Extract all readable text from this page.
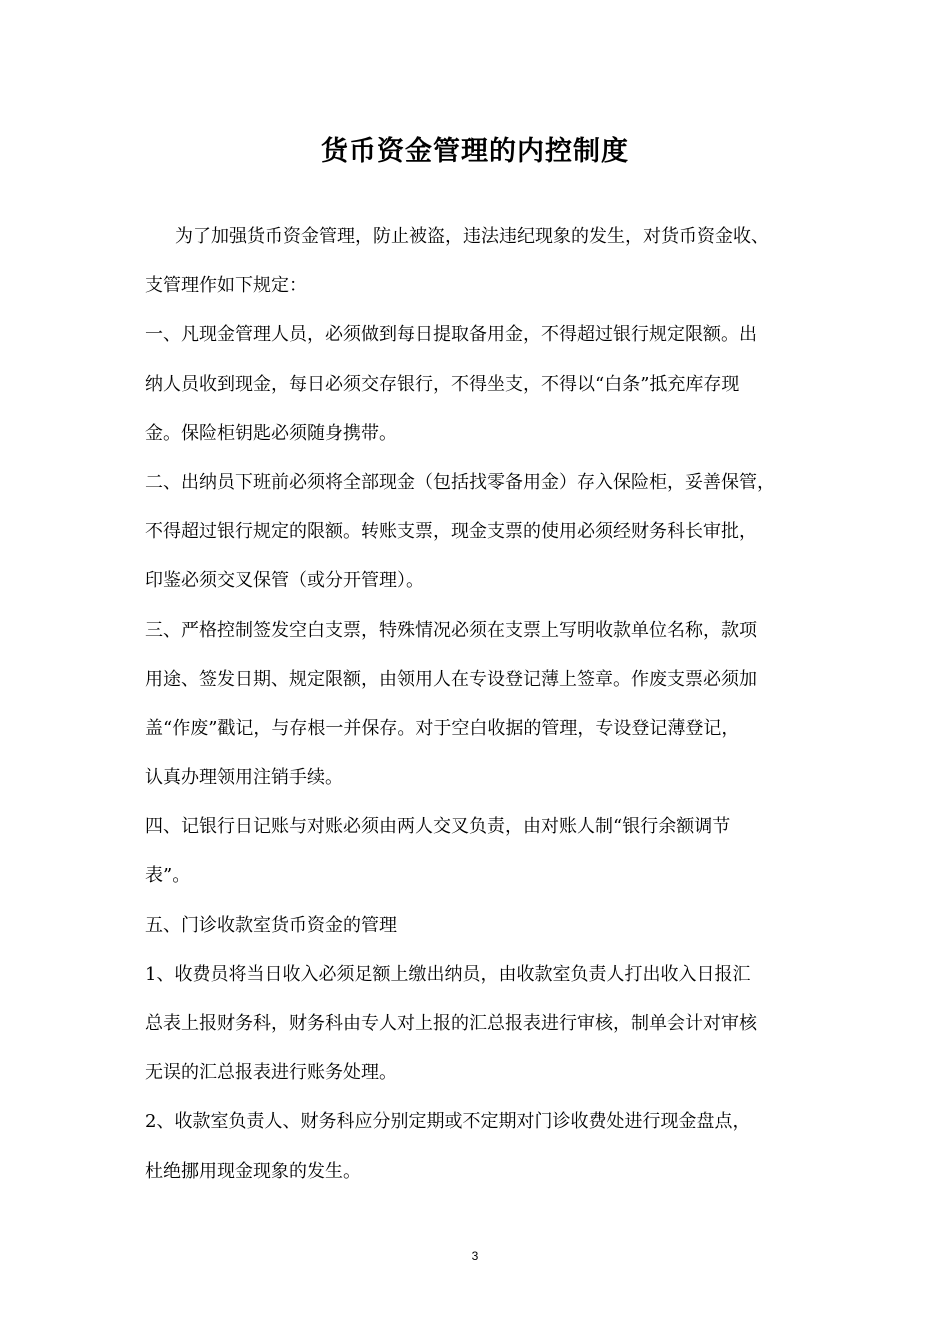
货币资金管理的内控制度
为了加强货币资金管理，防止被盗，违法违纪现象的发生，对货币资金收、
支管理作如下规定：
一、凡现金管理人员，必须做到每日提取备用金，不得超过银行规定限额。出
纳人员收到现金，每日必须交存银行，不得坐支，不得以“白条”抵充库存现
金。保险柜钥匙必须随身携带。
二、出纳员下班前必须将全部现金（包括找零备用金）存入保险柜，妥善保管，
不得超过银行规定的限额。转账支票，现金支票的使用必须经财务科长审批，
印鉴必须交叉保管（或分开管理）。
三、严格控制签发空白支票，特殊情况必须在支票上写明收款单位名称，款项
用途、签发日期、规定限额，由领用人在专设登记薄上签章。作废支票必须加
盖“作废”戳记，与存根一并保存。对于空白收据的管理，专设登记薄登记，
认真办理领用注销手续。
四、记银行日记账与对账必须由两人交叉负责，由对账人制“银行余额调节
表”。
五、门诊收款室货币资金的管理
1、收费员将当日收入必须足额上缴出纳员，由收款室负责人打出收入日报汇
总表上报财务科，财务科由专人对上报的汇总报表进行审核，制单会计对审核
无误的汇总报表进行账务处理。
2、收款室负责人、财务科应分别定期或不定期对门诊收费处进行现金盘点，
杜绝挪用现金现象的发生。
3
